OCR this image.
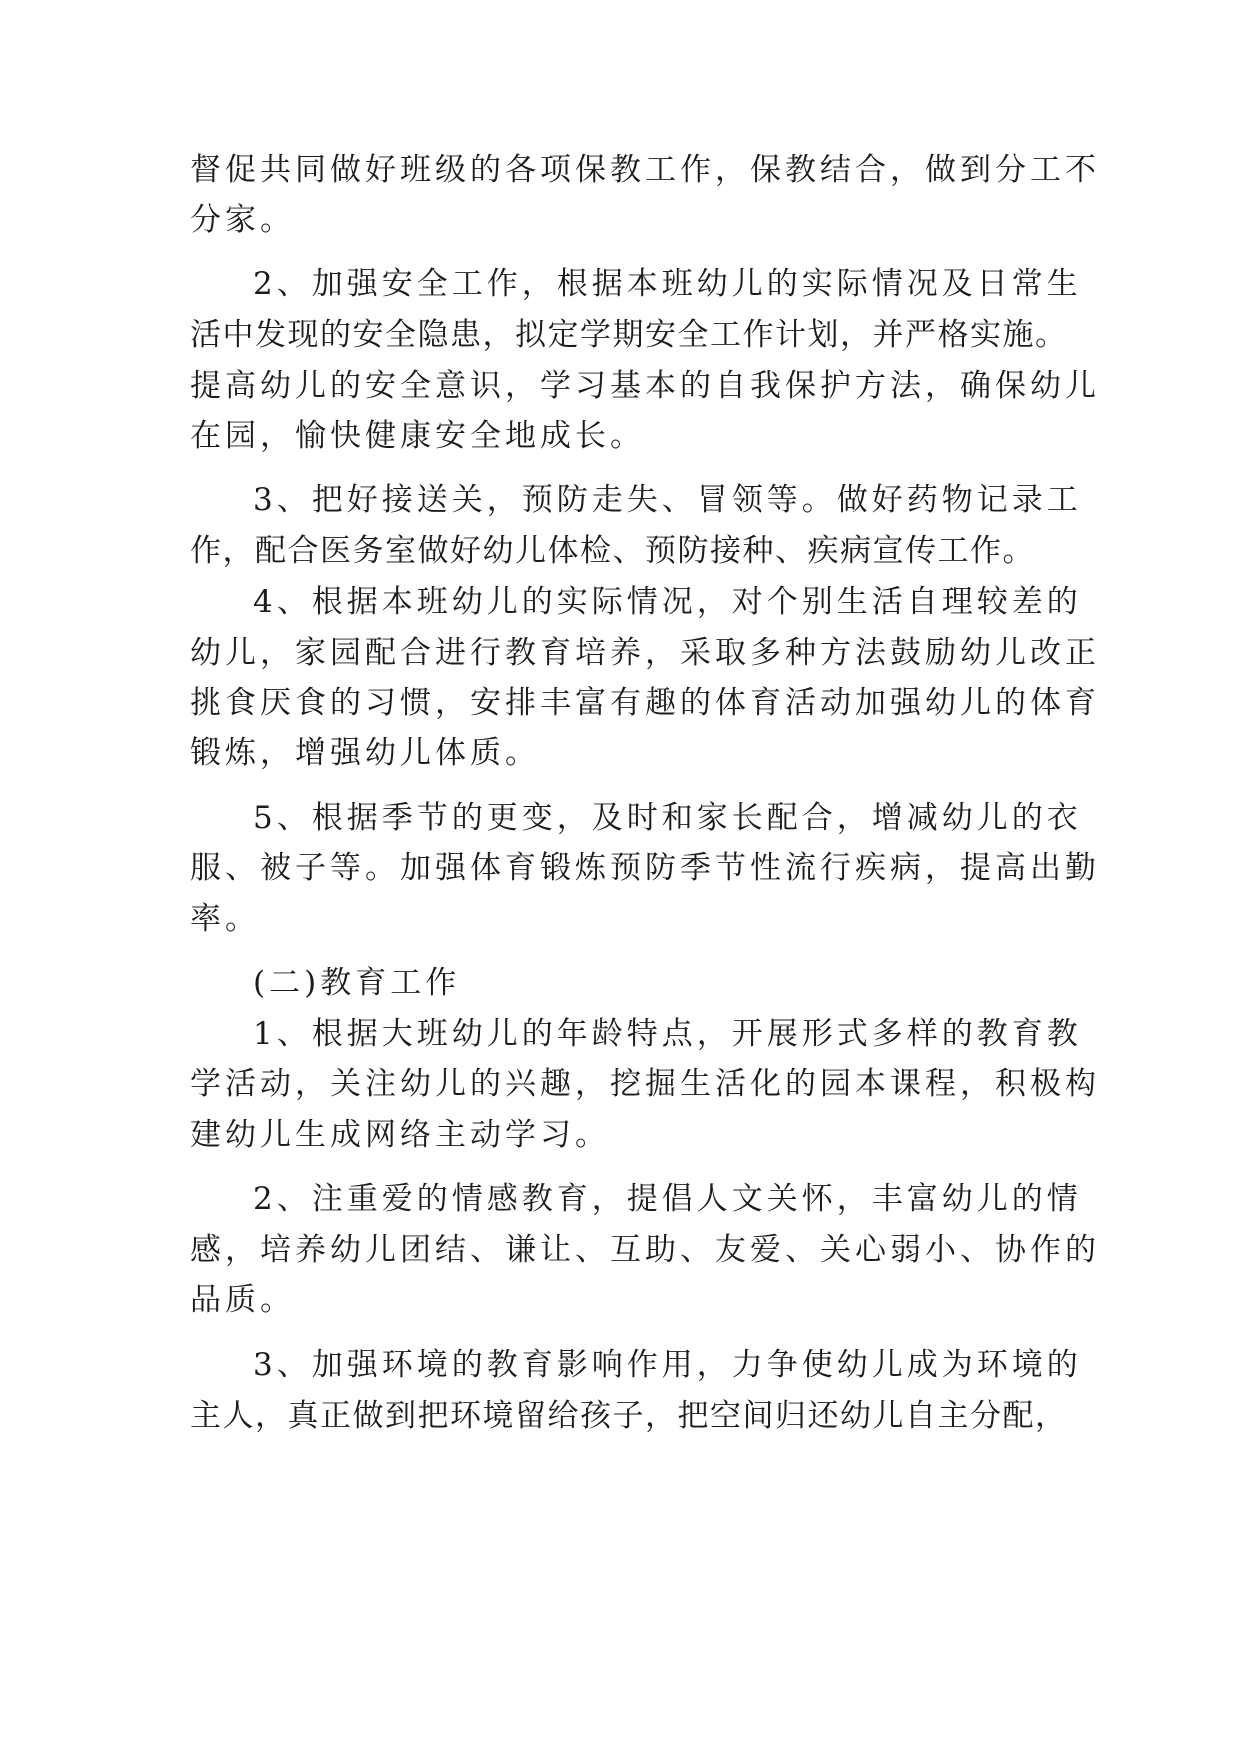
督促共同做好班级的各项保教工作，保教结合，做到分工不
分家。
2、加强安全工作，根据本班幼儿的实际情况及日常生
活中发现的安全隐患，拟定学期安全工作计划，并严格实施。
提高幼儿的安全意识，学习基本的自我保护方法，确保幼儿
在园，愉快健康安全地成长。
3、把好接送关，预防走失、冒领等。做好药物记录工
作，配合医务室做好幼儿体检、预防接种、疾病宣传工作。
4、根据本班幼儿的实际情况，对个别生活自理较差的
幼儿，家园配合进行教育培养，采取多种方法鼓励幼儿改正
挑食厌食的习惯，安排丰富有趣的体育活动加强幼儿的体育
锻炼，增强幼儿体质。
5、根据季节的更变，及时和家长配合，增减幼儿的衣
服、被子等。加强体育锻炼预防季节性流行疾病，提高出勤
率。
(二)教育工作
1、根据大班幼儿的年龄特点，开展形式多样的教育教
学活动，关注幼儿的兴趣，挖掘生活化的园本课程，积极构
建幼儿生成网络主动学习。
2、注重爱的情感教育，提倡人文关怀，丰富幼儿的情
感，培养幼儿团结、谦让、互助、友爱、关心弱小、协作的
品质。
3、加强环境的教育影响作用，力争使幼儿成为环境的
主人，真正做到把环境留给孩子，把空间归还幼儿自主分配，
